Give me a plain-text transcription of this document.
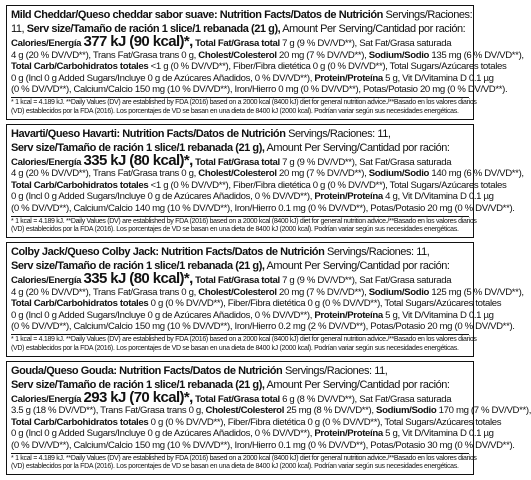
Mild Cheddar/Queso cheddar sabor suave: Nutrition Facts/Datos de Nutrición Servings/Raciones:
11, Serv size/Tamaño de ración 1 slice/1 rebanada (21 g), Amount Per Serving/Cantidad por ración:
Calories/Energía 377 kJ (90 kcal)*, Total Fat/Grasa total 7 g (9 % DV/VD**), Sat Fat/Grasa saturada
4 g (20 % DV/VD**), Trans Fat/Grasa trans 0 g, Cholest/Colesterol 20 mg (7 % DV/VD**), Sodium/Sodio 135 mg (6 % DV/VD**),
Total Carb/Carbohidratos totales <1 g (0 % DV/VD**), Fiber/Fibra dietética 0 g (0 % DV/VD**), Total Sugars/Azúcares totales
0 g (Incl 0 g Added Sugars/Incluye 0 g de Azúcares Añadidos, 0 % DV/VD**), Protein/Proteína 5 g, Vit D/Vitamina D 0.1 µg
(0 % DV/VD**), Calcium/Calcio 150 mg (10 % DV/VD**), Iron/Hierro 0 mg (0 % DV/VD**), Potas/Potasio 20 mg (0 % DV/VD**).
* 1 kcal = 4.189 kJ. **Daily Values (DV) are established by FDA (2016) based on a 2000 kcal (8400 kJ) diet for general nutrition advice./**Basado en los valores diarios
(VD) establecidos por la FDA (2016). Los porcentajes de VD se basan en una dieta de 8400 kJ (2000 kcal). Podrían variar según sus necesidades energéticas.
Havarti/Queso Havarti: Nutrition Facts/Datos de Nutrición Servings/Raciones: 11,
Serv size/Tamaño de ración 1 slice/1 rebanada (21 g), Amount Per Serving/Cantidad por ración:
Calories/Energía 335 kJ (80 kcal)*, Total Fat/Grasa total 7 g (9 % DV/VD**), Sat Fat/Grasa saturada
4 g (20 % DV/VD**), Trans Fat/Grasa trans 0 g, Cholest/Colesterol 20 mg (7 % DV/VD**), Sodium/Sodio 140 mg (6 % DV/VD**),
Total Carb/Carbohidratos totales <1 g (0 % DV/VD**), Fiber/Fibra dietética 0 g (0 % DV/VD**), Total Sugars/Azúcares totales
0 g (Incl 0 g Added Sugars/Incluye 0 g de Azúcares Añadidos, 0 % DV/VD**), Protein/Proteína 4 g, Vit D/Vitamina D 0.1 µg
(0 % DV/VD**), Calcium/Calcio 140 mg (10 % DV/VD**), Iron/Hierro 0.1 mg (0 % DV/VD**), Potas/Potasio 20 mg (0 % DV/VD**).
* 1 kcal = 4.189 kJ. **Daily Values (DV) are established by FDA (2016) based on a 2000 kcal (8400 kJ) diet for general nutrition advice./**Basado en los valores diarios
(VD) establecidos por la FDA (2016). Los porcentajes de VD se basan en una dieta de 8400 kJ (2000 kcal). Podrían variar según sus necesidades energéticas.
Colby Jack/Queso Colby Jack: Nutrition Facts/Datos de Nutrición Servings/Raciones: 11,
Serv size/Tamaño de ración 1 slice/1 rebanada (21 g), Amount Per Serving/Cantidad por ración:
Calories/Energía 335 kJ (80 kcal)*, Total Fat/Grasa total 7 g (9 % DV/VD**), Sat Fat/Grasa saturada
4 g (20 % DV/VD**), Trans Fat/Grasa trans 0 g, Cholest/Colesterol 20 mg (7 % DV/VD**), Sodium/Sodio 125 mg (5 % DV/VD**),
Total Carb/Carbohidratos totales 0 g (0 % DV/VD**), Fiber/Fibra dietética 0 g (0 % DV/VD**), Total Sugars/Azúcares totales
0 g (Incl 0 g Added Sugars/Incluye 0 g de Azúcares Añadidos, 0 % DV/VD**), Protein/Proteína 5 g, Vit D/Vitamina D 0.1 µg
(0 % DV/VD**), Calcium/Calcio 150 mg (10 % DV/VD**), Iron/Hierro 0.2 mg (2 % DV/VD**), Potas/Potasio 20 mg (0 % DV/VD**).
* 1 kcal = 4.189 kJ. **Daily Values (DV) are established by FDA (2016) based on a 2000 kcal (8400 kJ) diet for general nutrition advice./**Basado en los valores diarios
(VD) establecidos por la FDA (2016). Los porcentajes de VD se basan en una dieta de 8400 kJ (2000 kcal). Podrían variar según sus necesidades energéticas.
Gouda/Queso Gouda: Nutrition Facts/Datos de Nutrición Servings/Raciones: 11,
Serv size/Tamaño de ración 1 slice/1 rebanada (21 g), Amount Per Serving/Cantidad por ración:
Calories/Energía 293 kJ (70 kcal)*, Total Fat/Grasa total 6 g (8 % DV/VD**), Sat Fat/Grasa saturada
3.5 g (18 % DV/VD**), Trans Fat/Grasa trans 0 g, Cholest/Colesterol 25 mg (8 % DV/VD**), Sodium/Sodio 170 mg (7 % DV/VD**),
Total Carb/Carbohidratos totales 0 g (0 % DV/VD**), Fiber/Fibra dietética 0 g (0 % DV/VD**), Total Sugars/Azúcares totales
0 g (Incl 0 g Added Sugars/Incluye 0 g de Azúcares Añadidos, 0 % DV/VD**), Protein/Proteína 5 g, Vit D/Vitamina D 0.1 µg
(0 % DV/VD**), Calcium/Calcio 150 mg (10 % DV/VD**), Iron/Hierro 0.1 mg (0 % DV/VD**), Potas/Potasio 30 mg (0 % DV/VD**).
* 1 kcal = 4.189 kJ. **Daily Values (DV) are established by FDA (2016) based on a 2000 kcal (8400 kJ) diet for general nutrition advice./**Basado en los valores diarios
(VD) establecidos por la FDA (2016). Los porcentajes de VD se basan en una dieta de 8400 kJ (2000 kcal). Podrían variar según sus necesidades energéticas.
